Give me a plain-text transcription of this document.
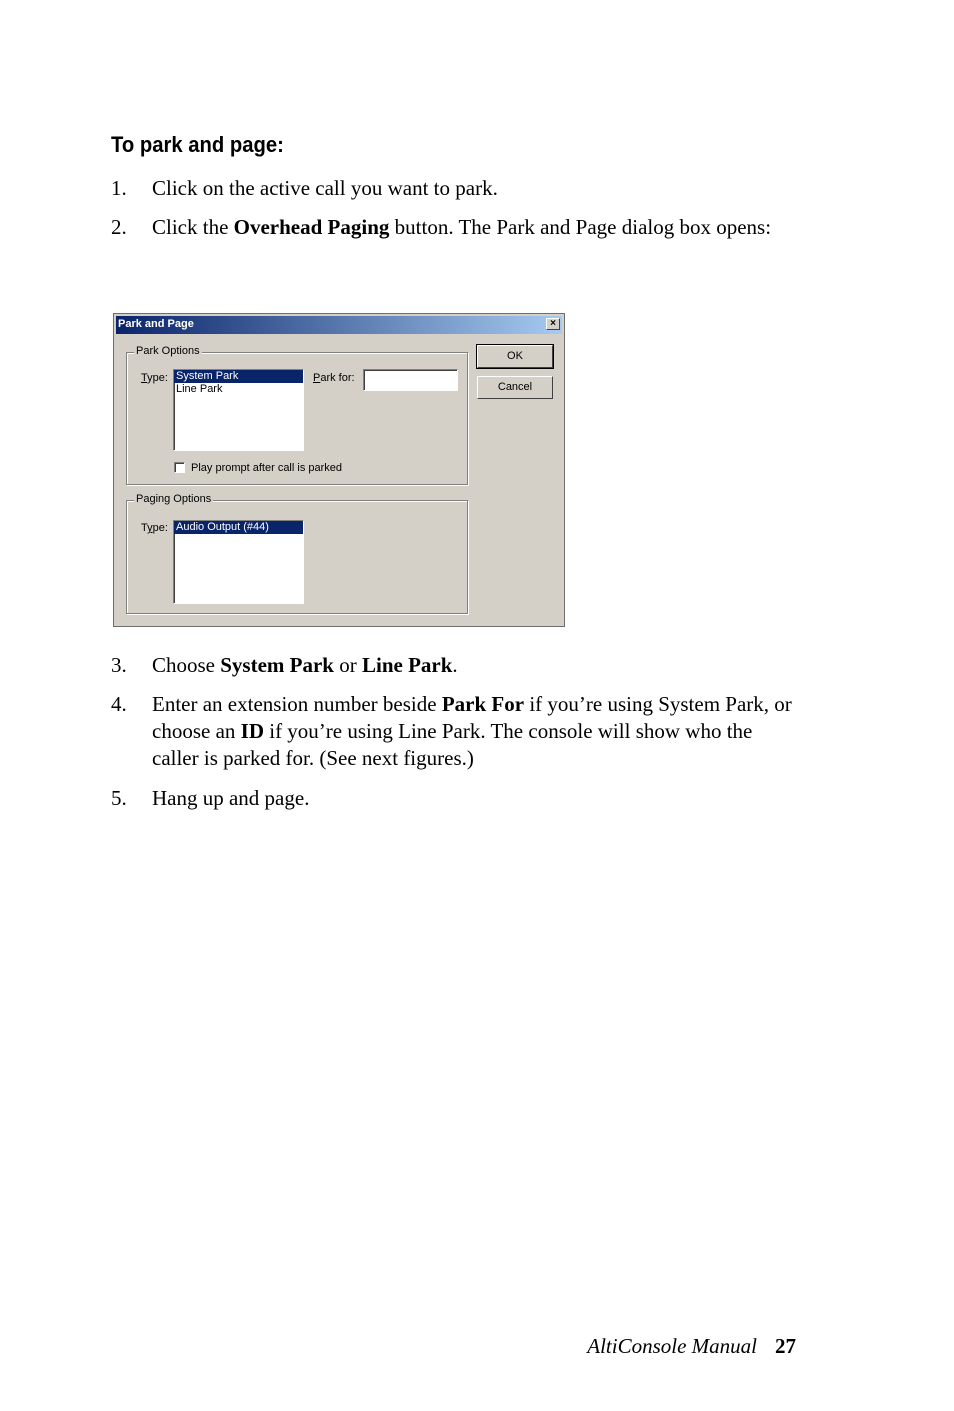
To park and page:
1. Click on the active call you want to park.
2. Click the Overhead Paging button. The Park and Page dialog box opens:
Park and Page	×
Park Options
Type: System Park
Line Park
Park for:
Play prompt after call is parked
Paging Options
Type: Audio Output (#44)
OK
Cancel
3. Choose System Park or Line Park.
4. Enter an extension number beside Park For if you’re using System Park, or choose an ID if you’re using Line Park. The console will show who the caller is parked for. (See next figures.)
5. Hang up and page.
AltiConsole Manual 27
